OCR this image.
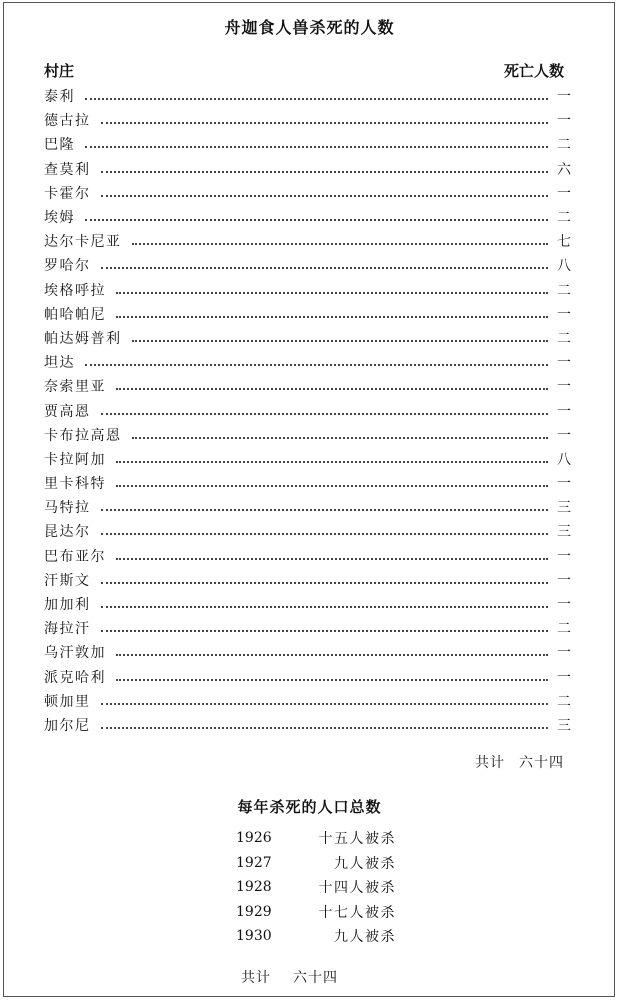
舟迦食人兽杀死的人数
村庄	死亡人数
泰利	一
德古拉	一
巴隆	二
查莫利	六
卡霍尔	一
埃姆	二
达尔卡尼亚	七
罗哈尔	八
埃格呼拉	二
帕哈帕尼	一
帕达姆普利	二
坦达	一
奈索里亚	一
贾高恩	一
卡布拉高恩	一
卡拉阿加	八
里卡科特	一
马特拉	三
昆达尔	三
巴布亚尔	一
汗斯文	一
加加利	一
海拉汗	二
乌汗敦加	一
派克哈利	一
顿加里	二
加尔尼	三
共计 六十四
每年杀死的人口总数
1926	十五人被杀
1927	九人被杀
1928	十四人被杀
1929	十七人被杀
1930	九人被杀
共计 六十四
